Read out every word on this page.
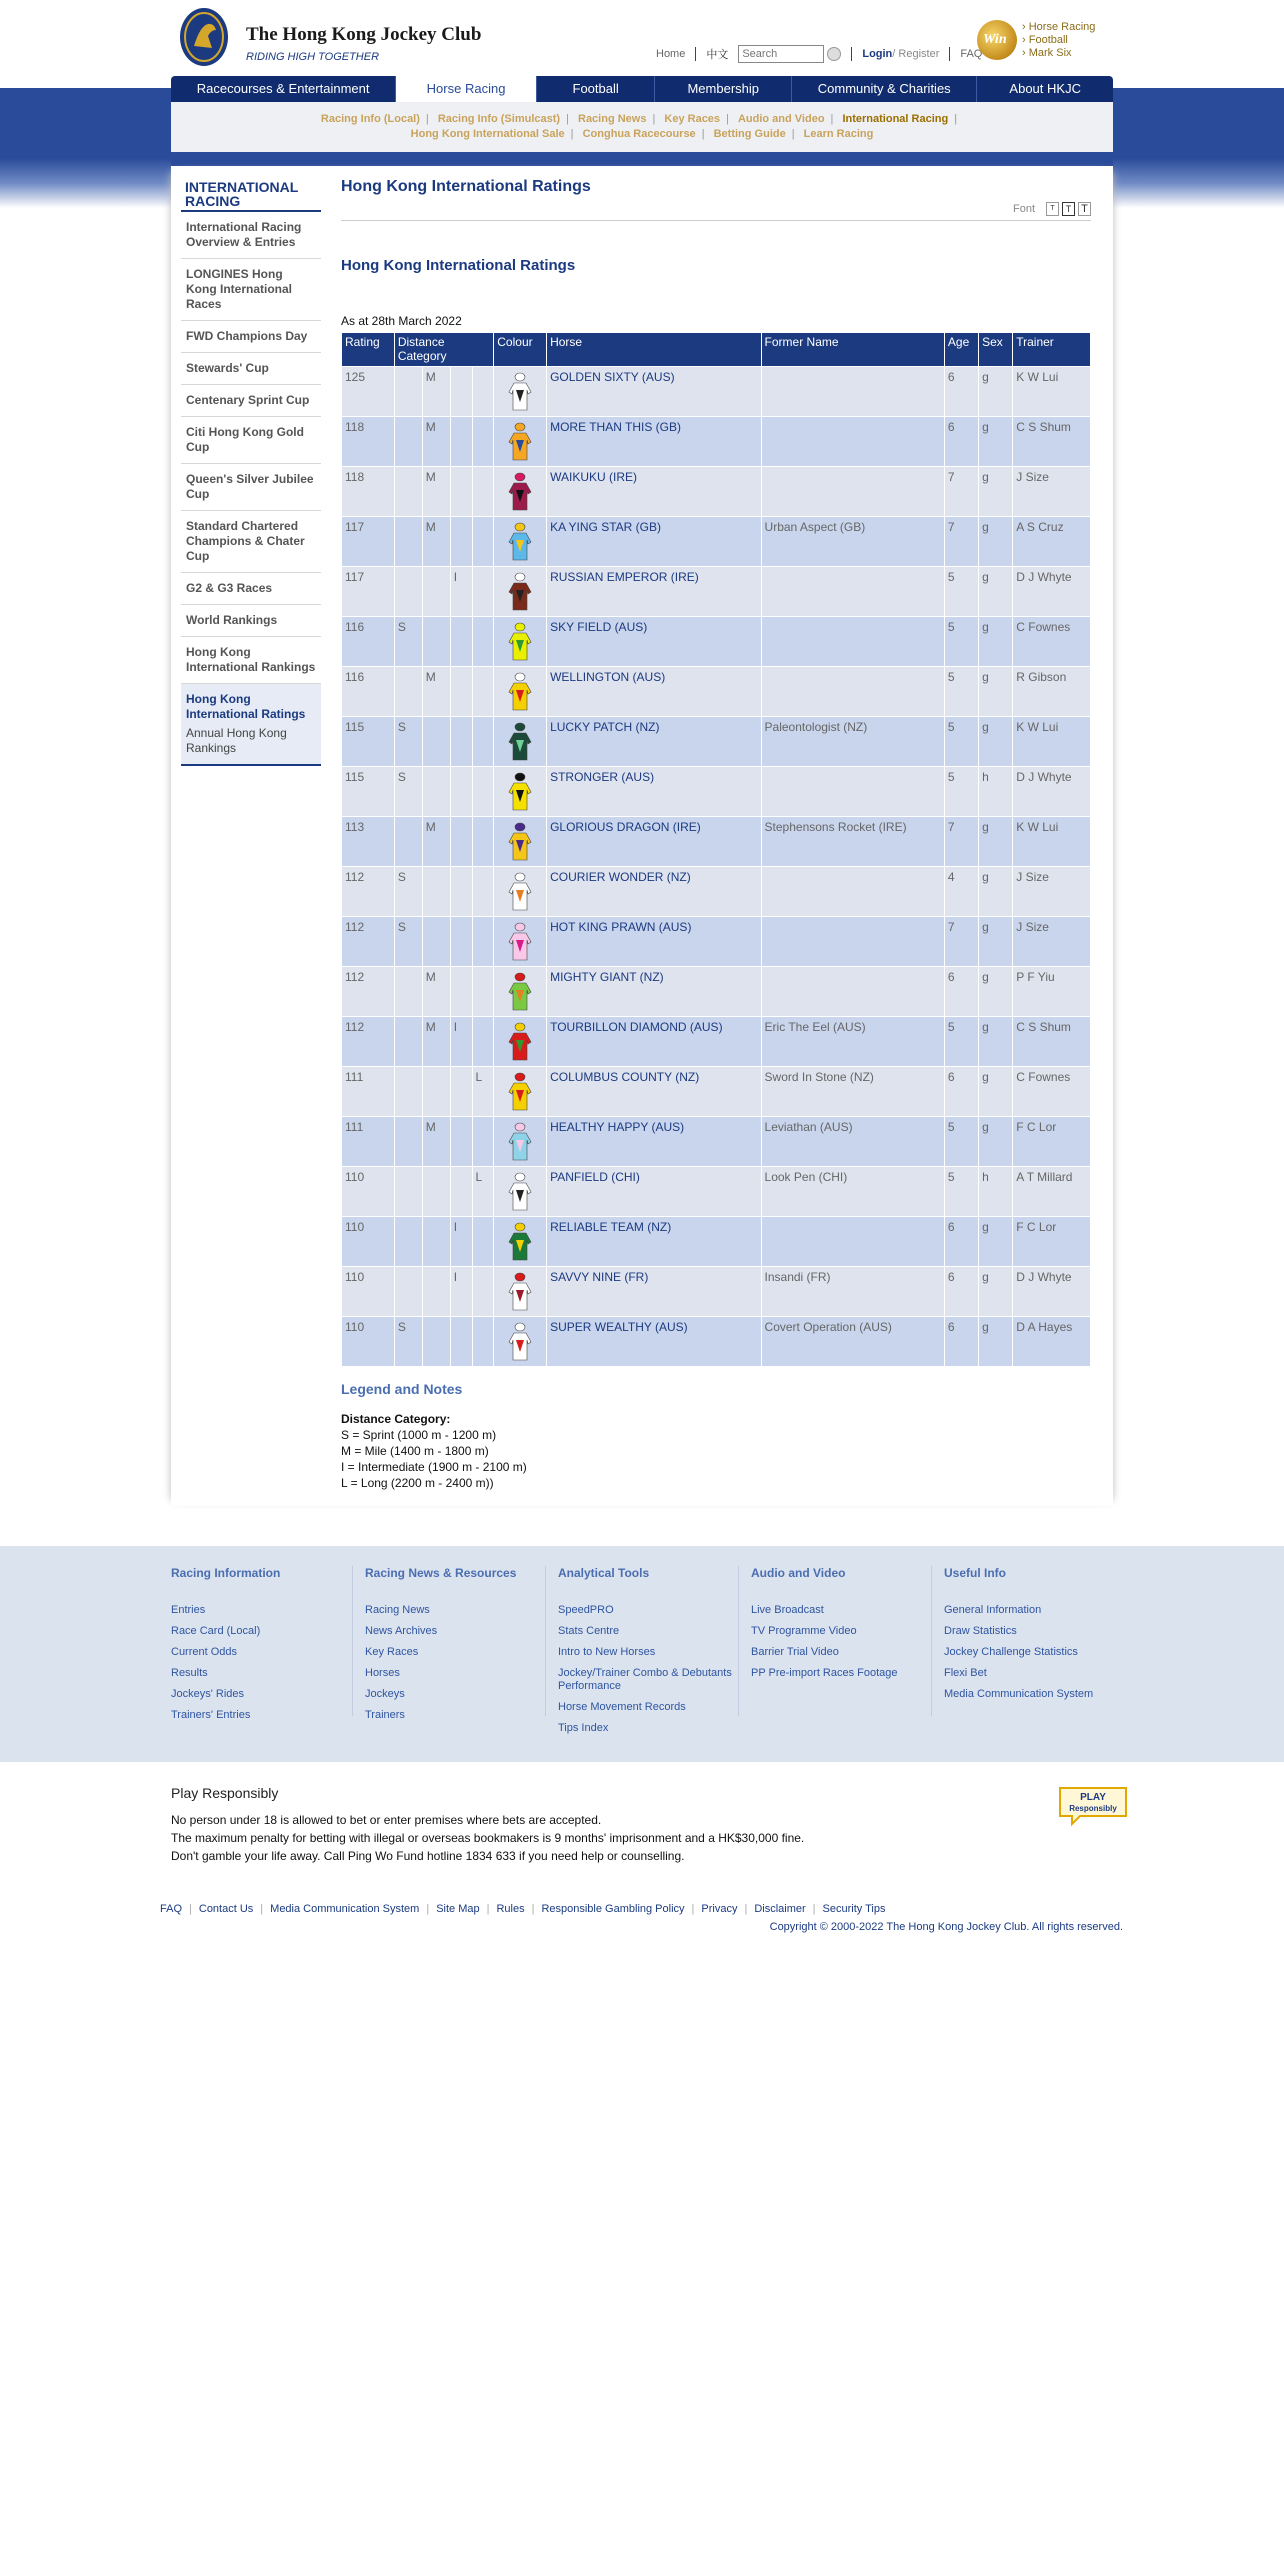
The Hong Kong Jockey Club
RIDING HIGH TOGETHER	Home 中文
Search	Login / Register FAQ
Win
› Horse Racing
› Football
› Mark Six
Racecourses & Entertainment	Horse Racing	Football	Membership	Community & Charities	About HKJC
Racing Info (Local) | Racing Info (Simulcast) | Racing News | Key Races | Audio and Video | International Racing |
Hong Kong International Sale | Conghua Racecourse | Betting Guide | Learn Racing
INTERNATIONAL RACING
International Racing Overview & Entries
LONGINES Hong Kong International Races
FWD Champions Day
Stewards' Cup
Centenary Sprint Cup
Citi Hong Kong Gold Cup
Queen's Silver Jubilee Cup
Standard Chartered Champions & Chater Cup
G2 & G3 Races
World Rankings
Hong Kong International Rankings
Hong Kong International Ratings
Annual Hong Kong Rankings
Hong Kong International Ratings
Font	T	T T
Hong Kong International Ratings
As at 28th March 2022
Rating	Distance Category				Colour	Horse	Former Name	Age	Sex	Trainer
125		M				GOLDEN SIXTY (AUS)		6	g	K W Lui
118		M				MORE THAN THIS (GB)		6	g	C S Shum
118		M				WAIKUKU (IRE)		7	g	J Size
117		M				KA YING STAR (GB)	Urban Aspect (GB)	7	g	A S Cruz
117			I			RUSSIAN EMPEROR (IRE)		5	g	D J Whyte
116	S					SKY FIELD (AUS)		5	g	C Fownes
116		M				WELLINGTON (AUS)		5	g	R Gibson
115	S					LUCKY PATCH (NZ)	Paleontologist (NZ)	5	g	K W Lui
115	S					STRONGER (AUS)		5	h	D J Whyte
113		M				GLORIOUS DRAGON (IRE)	Stephensons Rocket (IRE)	7	g	K W Lui
112	S					COURIER WONDER (NZ)		4	g	J Size
112	S					HOT KING PRAWN (AUS)		7	g	J Size
112		M				MIGHTY GIANT (NZ)		6	g	P F Yiu
112		M	I			TOURBILLON DIAMOND (AUS)	Eric The Eel (AUS)	5	g	C S Shum
111				L		COLUMBUS COUNTY (NZ)	Sword In Stone (NZ)	6	g	C Fownes
111		M				HEALTHY HAPPY (AUS)	Leviathan (AUS)	5	g	F C Lor
110				L		PANFIELD (CHI)	Look Pen (CHI)	5	h	A T Millard
110			I			RELIABLE TEAM (NZ)		6	g	F C Lor
110			I			SAVVY NINE (FR)	Insandi (FR)	6	g	D J Whyte
110	S					SUPER WEALTHY (AUS)	Covert Operation (AUS)	6	g	D A Hayes
Legend and Notes
Distance Category:
S = Sprint (1000 m - 1200 m)
M = Mile (1400 m - 1800 m)
I = Intermediate (1900 m - 2100 m)
L = Long (2200 m - 2400 m))
Racing Information
Entries
Race Card (Local)
Current Odds
Results
Jockeys' Rides
Trainers' Entries
Racing News & Resources
Racing News
News Archives
Key Races
Horses
Jockeys
Trainers
Analytical Tools
SpeedPRO
Stats Centre
Intro to New Horses
Jockey/Trainer Combo & Debutants Performance
Horse Movement Records
Tips Index
Audio and Video
Live Broadcast
TV Programme Video
Barrier Trial Video
PP Pre-import Races Footage
Useful Info
General Information
Draw Statistics
Jockey Challenge Statistics
Flexi Bet
Media Communication System
Play Responsibly
No person under 18 is allowed to bet or enter premises where bets are accepted.
The maximum penalty for betting with illegal or overseas bookmakers is 9 months' imprisonment and a HK$30,000 fine.
Don't gamble your life away. Call Ping Wo Fund hotline 1834 633 if you need help or counselling.
PLAY
Responsibly
FAQ | Contact Us | Media Communication System | Site Map | Rules | Responsible Gambling Policy | Privacy | Disclaimer | Security Tips
Copyright © 2000-2022 The Hong Kong Jockey Club. All rights reserved.
